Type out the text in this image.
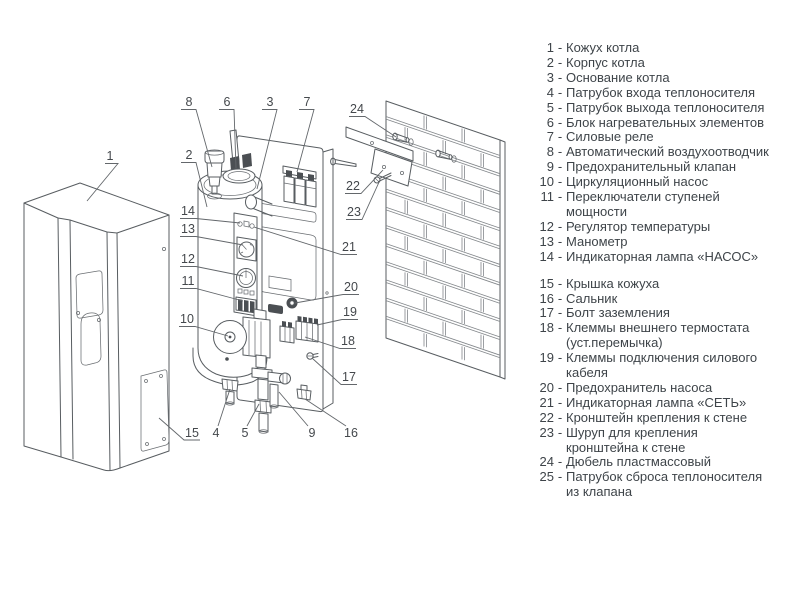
1	2
3
4 5
6	7
8
9
10
11
12
13
14
15	16
17
18
19
20
21
22
23
24
1 - Кожух котла
2 - Корпус котла
3 - Основание котла
4 - Патрубок входа теплоносителя
5 - Патрубок выхода теплоносителя
6 - Блок нагревательных элементов
7 - Силовые реле
8 - Автоматический воздухоотводчик
9 - Предохранительный клапан
10 - Циркуляционный насос
11 - Переключатели ступеней мощности
12 - Регулятор температуры
13 - Манометр
14 - Индикаторная лампа «НАСОС»
15 - Крышка кожуха
16 - Сальник
17 - Болт заземления
18 - Клеммы внешнего термостата (уст.перемычка)
19 - Клеммы подключения силового кабеля
20 - Предохранитель насоса
21 - Индикаторная лампа «СЕТЬ»
22 - Кронштейн крепления к стене
23 - Шуруп для крепления кронштейна к стене
24 - Дюбель пластмассовый
25 - Патрубок сброса теплоносителя из клапана
